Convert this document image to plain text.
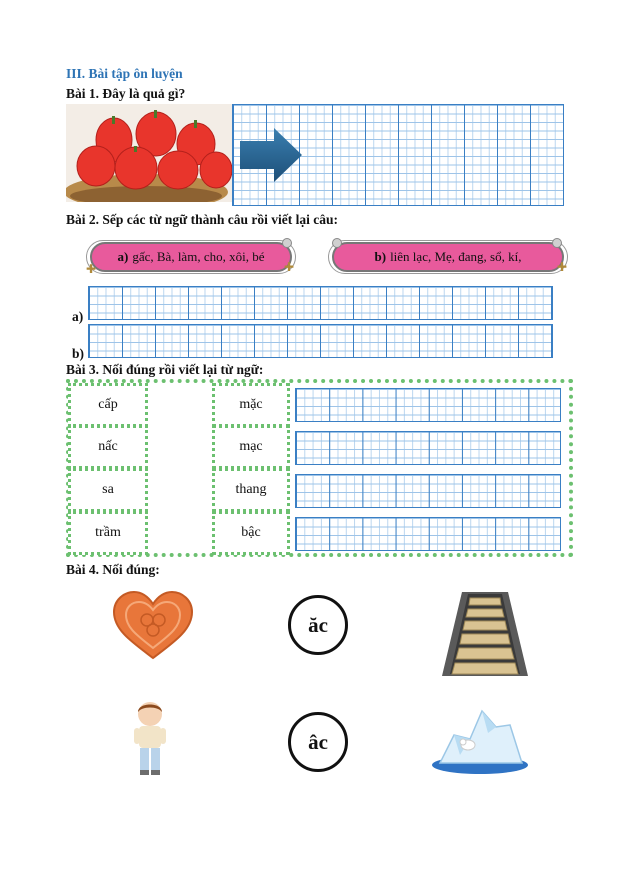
III. Bài tập ôn luyện
Bài 1. Đây là quả gì?
Bài 2. Sếp các từ ngữ thành câu rồi viết lại câu:
a) gấc, Bà, làm, cho, xôi, bé
✚	✚
b) liên lạc, Mẹ, đang, sổ, kí,
✚
a)
b)
Bài 3. Nối đúng rồi viết lại từ ngữ:
cấp
nấc
sa
trầm
mặc
mạc
thang
bậc
Bài 4. Nối đúng:
ăc
âc
